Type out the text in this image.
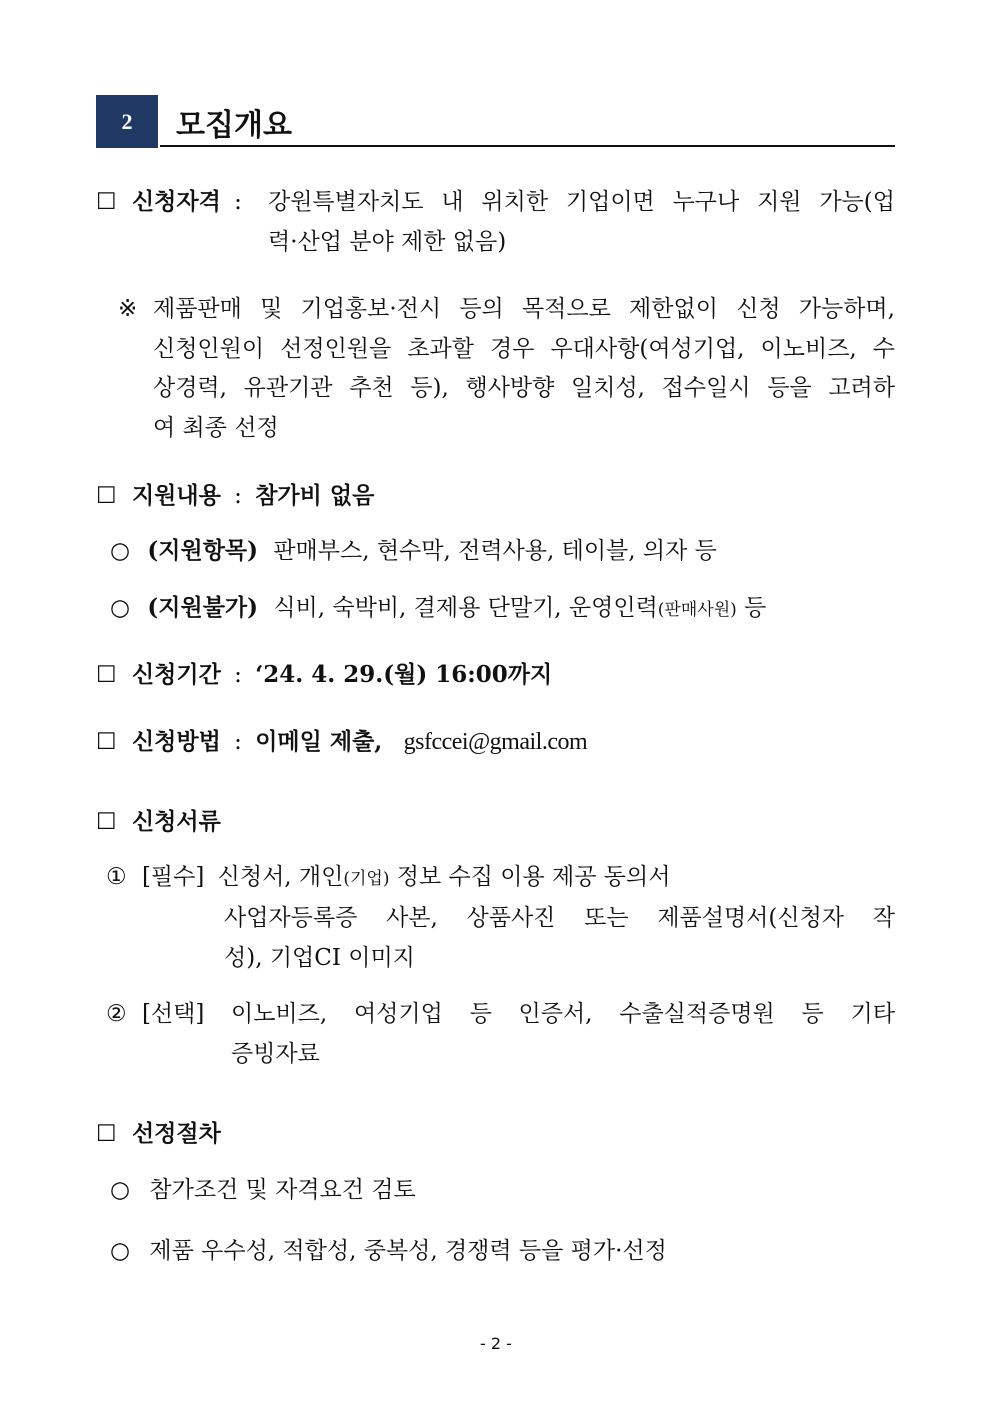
2 모집개요
☐ 신청자격 : 강원특별자치도 내 위치한 기업이면 누구나 지원 가능(업
력·산업 분야 제한 없음)
※ 제품판매 및 기업홍보·전시 등의 목적으로 제한없이 신청 가능하며,
신청인원이 선정인원을 초과할 경우 우대사항(여성기업, 이노비즈, 수
상경력, 유관기관 추천 등), 행사방향 일치성, 접수일시 등을 고려하
여 최종 선정
☐ 지원내용 : 참가비 없음
○ (지원항목) 판매부스, 현수막, 전력사용, 테이블, 의자 등
○ (지원불가) 식비, 숙박비, 결제용 단말기, 운영인력(판매사원) 등
☐ 신청기간 : ‘24. 4. 29.(월) 16:00까지
☐ 신청방법 : 이메일 제출, gsfccei@gmail.com
☐ 신청서류
① [필수] 신청서, 개인(기업) 정보 수집 이용 제공 동의서
사업자등록증 사본, 상품사진 또는 제품설명서(신청자 작
성), 기업CI 이미지
② [선택] 이노비즈, 여성기업 등 인증서, 수출실적증명원 등 기타
증빙자료
☐ 선정절차
○ 참가조건 및 자격요건 검토
○ 제품 우수성, 적합성, 중복성, 경쟁력 등을 평가·선정
- 2 -
